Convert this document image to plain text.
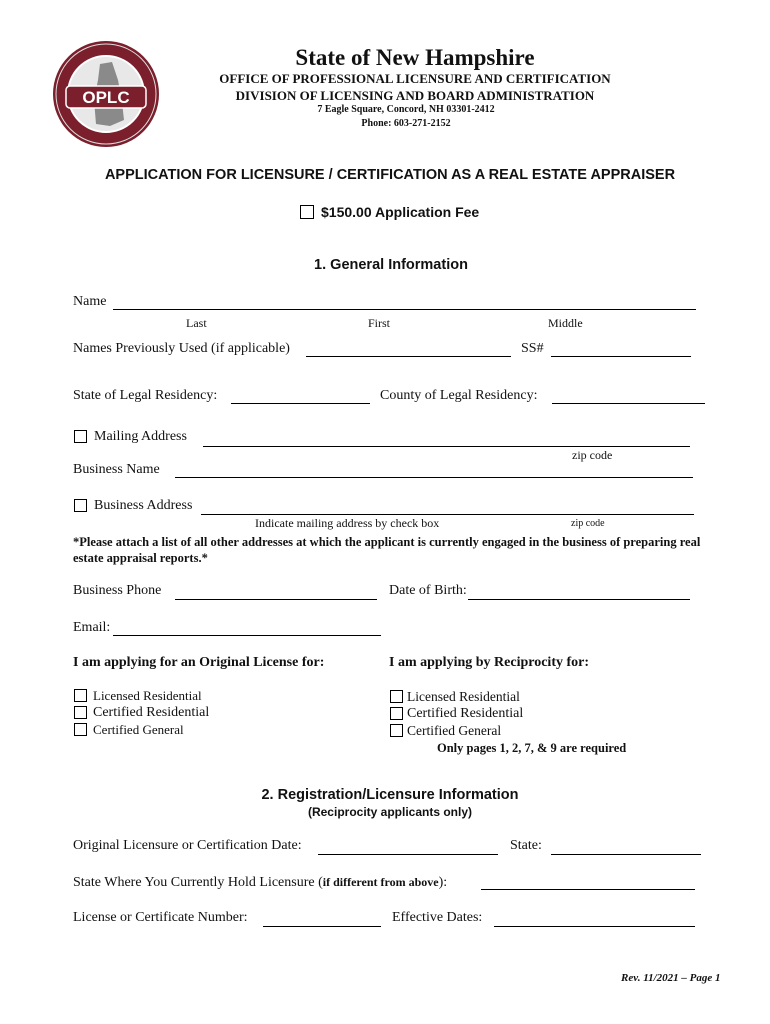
OPLC
State of New Hampshire
OFFICE OF PROFESSIONAL LICENSURE AND CERTIFICATION
DIVISION OF LICENSING AND BOARD ADMINISTRATION
7 Eagle Square, Concord, NH 03301-2412
Phone: 603-271-2152
APPLICATION FOR LICENSURE / CERTIFICATION AS A REAL ESTATE APPRAISER
$150.00 Application Fee
1. General Information
Name
Last	First	Middle
Names Previously Used (if applicable)	SS#
State of Legal Residency:	County of Legal Residency:
Mailing Address
zip code
Business Name
Business Address
Indicate mailing address by check box	zip code
*Please attach a list of all other addresses at which the applicant is currently engaged in the business of preparing real estate appraisal reports.*
Business Phone	Date of Birth:
Email:
I am applying for an Original License for:	I am applying by Reciprocity for:
Licensed Residential
Certified Residential
Certified General
Licensed Residential
Certified Residential
Certified General
Only pages 1, 2, 7, & 9 are required
2. Registration/Licensure Information
(Reciprocity applicants only)
Original Licensure or Certification Date:	State:
State Where You Currently Hold Licensure (if different from above):
License or Certificate Number:	Effective Dates:
Rev. 11/2021 – Page 1
